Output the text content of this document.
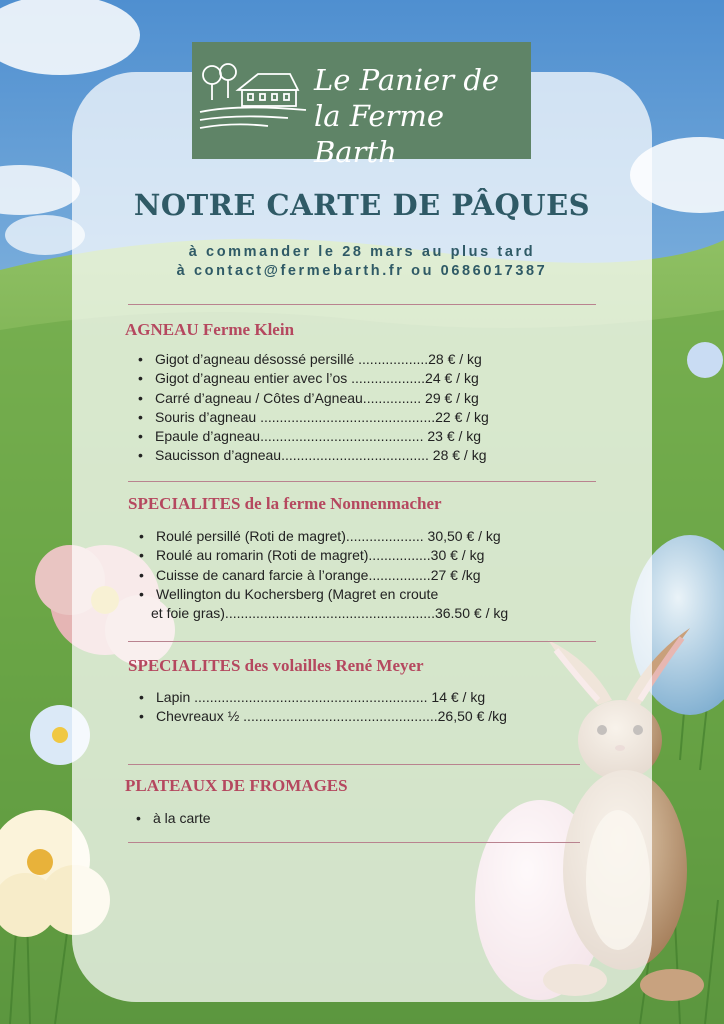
Le Panier de
la Ferme Barth
NOTRE CARTE DE PÂQUES
à commander le 28 mars au plus tard
à contact@fermebarth.fr ou 0686017387
AGNEAU Ferme Klein
• Gigot d’agneau désossé persillé ..................28 € / kg
• Gigot d’agneau entier avec l’os ...................24 € / kg
• Carré d’agneau / Côtes d’Agneau............... 29 € / kg
• Souris d’agneau .............................................22 € / kg
• Epaule d’agneau.......................................... 23 € / kg
• Saucisson d’agneau...................................... 28 € / kg
SPECIALITES de la ferme Nonnenmacher
• Roulé persillé (Roti de magret).................... 30,50 € / kg
• Roulé au romarin (Roti de magret)................30 € / kg
• Cuisse de canard farcie à l’orange................27 € /kg
• Wellington du Kochersberg (Magret en croute
et foie gras)......................................................36.50 € / kg
SPECIALITES des volailles René Meyer
• Lapin ............................................................ 14 € / kg
• Chevreaux ½ ..................................................26,50 € /kg
PLATEAUX DE FROMAGES
• à la carte
